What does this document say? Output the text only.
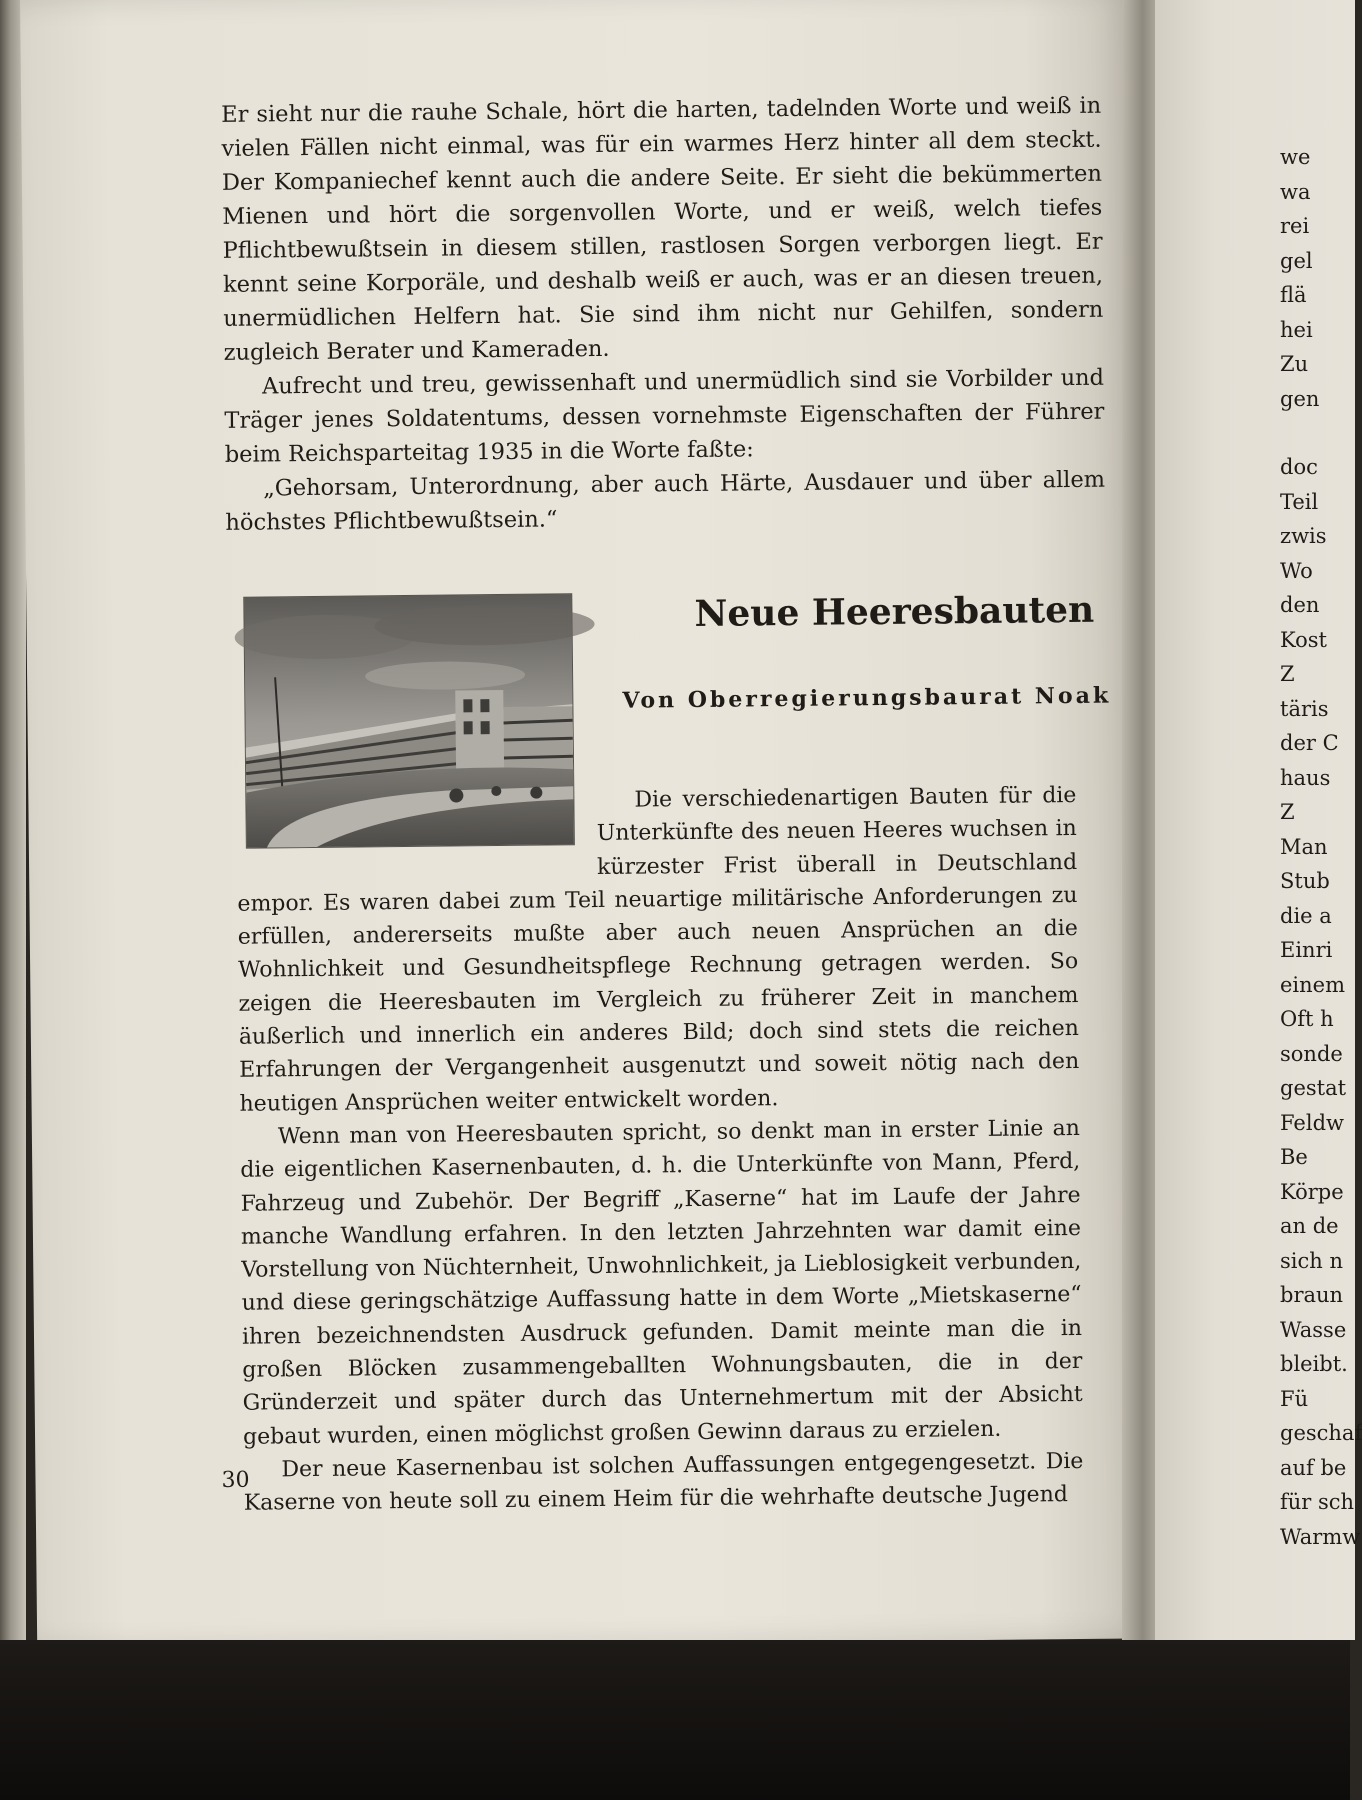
Er sieht nur die rauhe Schale, hört die harten, tadelnden Worte und weiß in vielen Fällen nicht einmal, was für ein warmes Herz hinter all dem steckt. Der Kompaniechef kennt auch die andere Seite. Er sieht die bekümmerten Mienen und hört die sorgenvollen Worte, und er weiß, welch tiefes Pflichtbewußtsein in diesem stillen, rastlosen Sorgen verborgen liegt. Er kennt seine Korporäle, und deshalb weiß er auch, was er an diesen treuen, unermüdlichen Helfern hat. Sie sind ihm nicht nur Gehilfen, sondern zugleich Berater und Kameraden.

Aufrecht und treu, gewissenhaft und unermüdlich sind sie Vorbilder und Träger jenes Soldatentums, dessen vornehmste Eigenschaften der Führer beim Reichsparteitag 1935 in die Worte faßte:

„Gehorsam, Unterordnung, aber auch Härte, Ausdauer und über allem höchstes Pflichtbewußtsein.“

Neue Heeresbauten
Von Oberregierungsbaurat Noak

Die verschiedenartigen Bauten für die Unterkünfte des neuen Heeres wuchsen in kürzester Frist überall in Deutschland empor. Es waren dabei zum Teil neuartige militärische Anforderungen zu erfüllen, andererseits mußte aber auch neuen Ansprüchen an die Wohnlichkeit und Gesundheitspflege Rechnung getragen werden. So zeigen die Heeresbauten im Vergleich zu früherer Zeit in manchem äußerlich und innerlich ein anderes Bild; doch sind stets die reichen Erfahrungen der Vergangenheit ausgenutzt und soweit nötig nach den heutigen Ansprüchen weiter entwickelt worden.

Wenn man von Heeresbauten spricht, so denkt man in erster Linie an die eigentlichen Kasernenbauten, d. h. die Unterkünfte von Mann, Pferd, Fahrzeug und Zubehör. Der Begriff „Kaserne“ hat im Laufe der Jahre manche Wandlung erfahren. In den letzten Jahrzehnten war damit eine Vorstellung von Nüchternheit, Unwohnlichkeit, ja Lieblosigkeit verbunden, und diese geringschätzige Auffassung hatte in dem Worte „Mietskaserne“ ihren bezeichnendsten Ausdruck gefunden. Damit meinte man die in großen Blöcken zusammengeballten Wohnungsbauten, die in der Gründerzeit und später durch das Unternehmertum mit der Absicht gebaut wurden, einen möglichst großen Gewinn daraus zu erzielen.

Der neue Kasernenbau ist solchen Auffassungen entgegengesetzt. Die Kaserne von heute soll zu einem Heim für die wehrhafte deutsche Jugend

30
we
wa
rei
gel
flä
hei
Zu
gen
doc
Teil
zwis
Wo
den
Kost
Z
täris
der C
haus
Z
Man
Stub
die a
Einri
einem
Oft h
sonde
gestat
Feldw
Be
Körpe
an de
sich n
braun
Wasse
bleibt.
Fü
geschaf
auf be
für sch
Warmw
